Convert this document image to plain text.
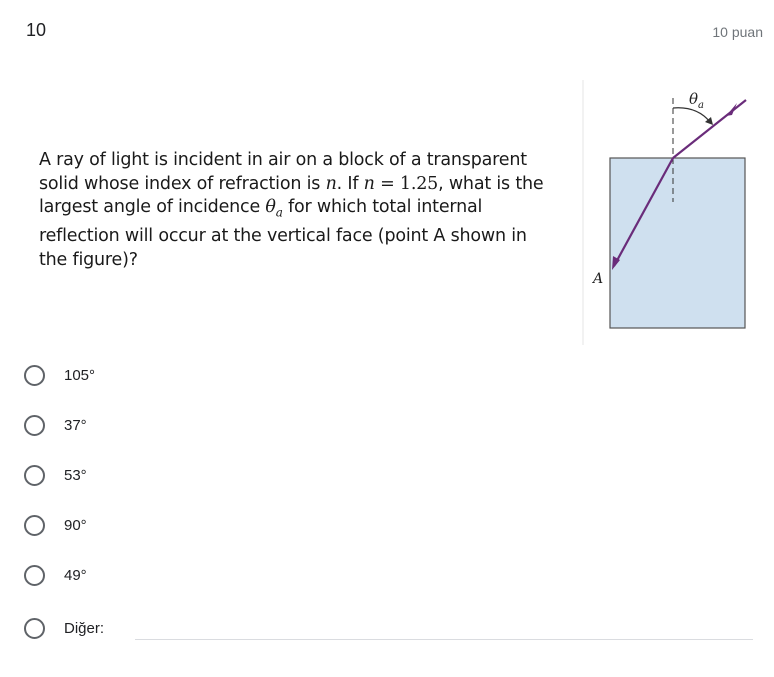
10	10 puan
A ray of light is incident in air on a block of a transparent solid whose index of refraction is n. If n = 1.25, what is the largest angle of incidence $\theta_a$ for which total internal reflection will occur at the vertical face (point A shown in the figure)?
$\theta_a$
A
105°
37°
53°
90°
49°
Diğer:
